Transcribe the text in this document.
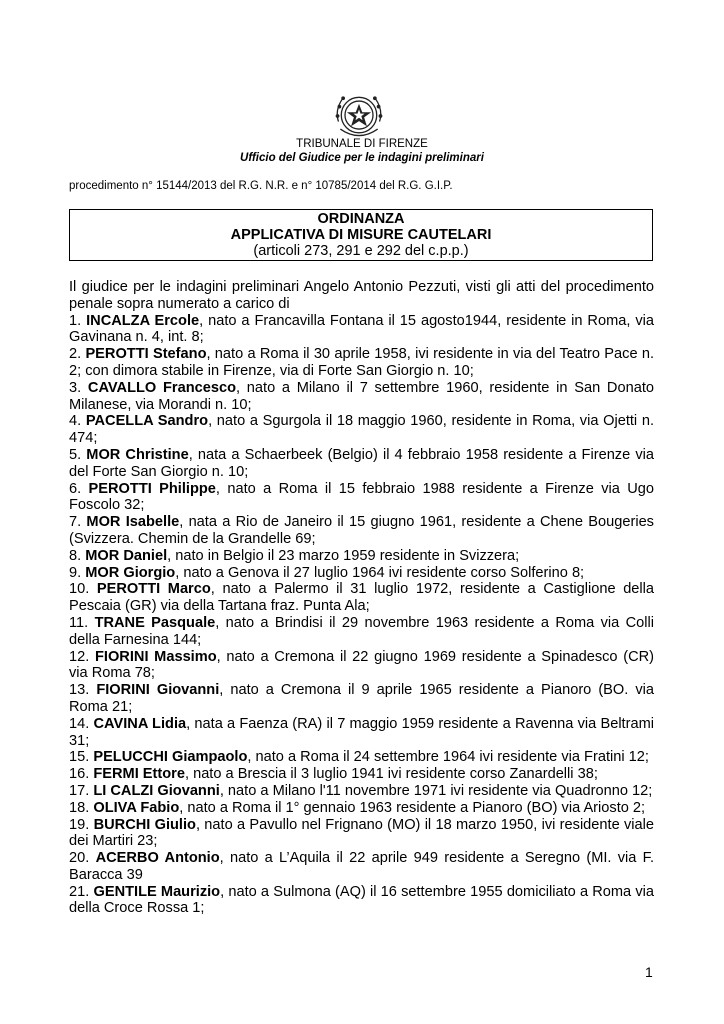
TRIBUNALE DI FIRENZE
Ufficio del Giudice per le indagini preliminari
procedimento n° 15144/2013 del R.G. N.R. e n° 10785/2014 del R.G. G.I.P.
ORDINANZA
APPLICATIVA DI MISURE CAUTELARI
(articoli 273, 291 e 292 del c.p.p.)

Il giudice per le indagini preliminari Angelo Antonio Pezzuti, visti gli atti del procedimento penale sopra numerato a carico di

1. INCALZA Ercole, nato a Francavilla Fontana il 15 agosto1944, residente in Roma, via Gavinana n. 4, int. 8;

2. PEROTTI Stefano, nato a Roma il 30 aprile 1958, ivi residente in via del Teatro Pace n. 2; con dimora stabile in Firenze, via di Forte San Giorgio n. 10;

3. CAVALLO Francesco, nato a Milano il 7 settembre 1960, residente in San Donato Milanese, via Morandi n. 10;

4. PACELLA Sandro, nato a Sgurgola il 18 maggio 1960, residente in Roma, via Ojetti n. 474;

5. MOR Christine, nata a Schaerbeek (Belgio) il 4 febbraio 1958 residente a Firenze via del Forte San Giorgio n. 10;

6. PEROTTI Philippe, nato a Roma il 15 febbraio 1988 residente a Firenze via Ugo Foscolo 32;

7. MOR Isabelle, nata a Rio de Janeiro il 15 giugno 1961, residente a Chene Bougeries (Svizzera. Chemin de la Grandelle 69;

8. MOR Daniel, nato in Belgio il 23 marzo 1959 residente in Svizzera;

9. MOR Giorgio, nato a Genova il 27 luglio 1964 ivi residente corso Solferino 8;

10. PEROTTI Marco, nato a Palermo il 31 luglio 1972, residente a Castiglione della Pescaia (GR) via della Tartana fraz. Punta Ala;

11. TRANE Pasquale, nato a Brindisi il 29 novembre 1963 residente a Roma via Colli della Farnesina 144;

12. FIORINI Massimo, nato a Cremona il 22 giugno 1969 residente a Spinadesco (CR) via Roma 78;

13. FIORINI Giovanni, nato a Cremona il 9 aprile 1965 residente a Pianoro (BO. via Roma 21;

14. CAVINA Lidia, nata a Faenza (RA) il 7 maggio 1959 residente a Ravenna via Beltrami 31;

15. PELUCCHI Giampaolo, nato a Roma il 24 settembre 1964 ivi residente via Fratini 12;

16. FERMI Ettore, nato a Brescia il 3 luglio 1941 ivi residente corso Zanardelli 38;

17. LI CALZI Giovanni, nato a Milano l'11 novembre 1971 ivi residente via Quadronno 12;

18. OLIVA Fabio, nato a Roma il 1° gennaio 1963 residente a Pianoro (BO) via Ariosto 2;

19. BURCHI Giulio, nato a Pavullo nel Frignano (MO) il 18 marzo 1950, ivi residente viale dei Martiri 23;

20. ACERBO Antonio, nato a L’Aquila il 22 aprile 949 residente a Seregno (MI. via F. Baracca 39

21. GENTILE Maurizio, nato a Sulmona (AQ) il 16 settembre 1955 domiciliato a Roma via della Croce Rossa 1;

1
